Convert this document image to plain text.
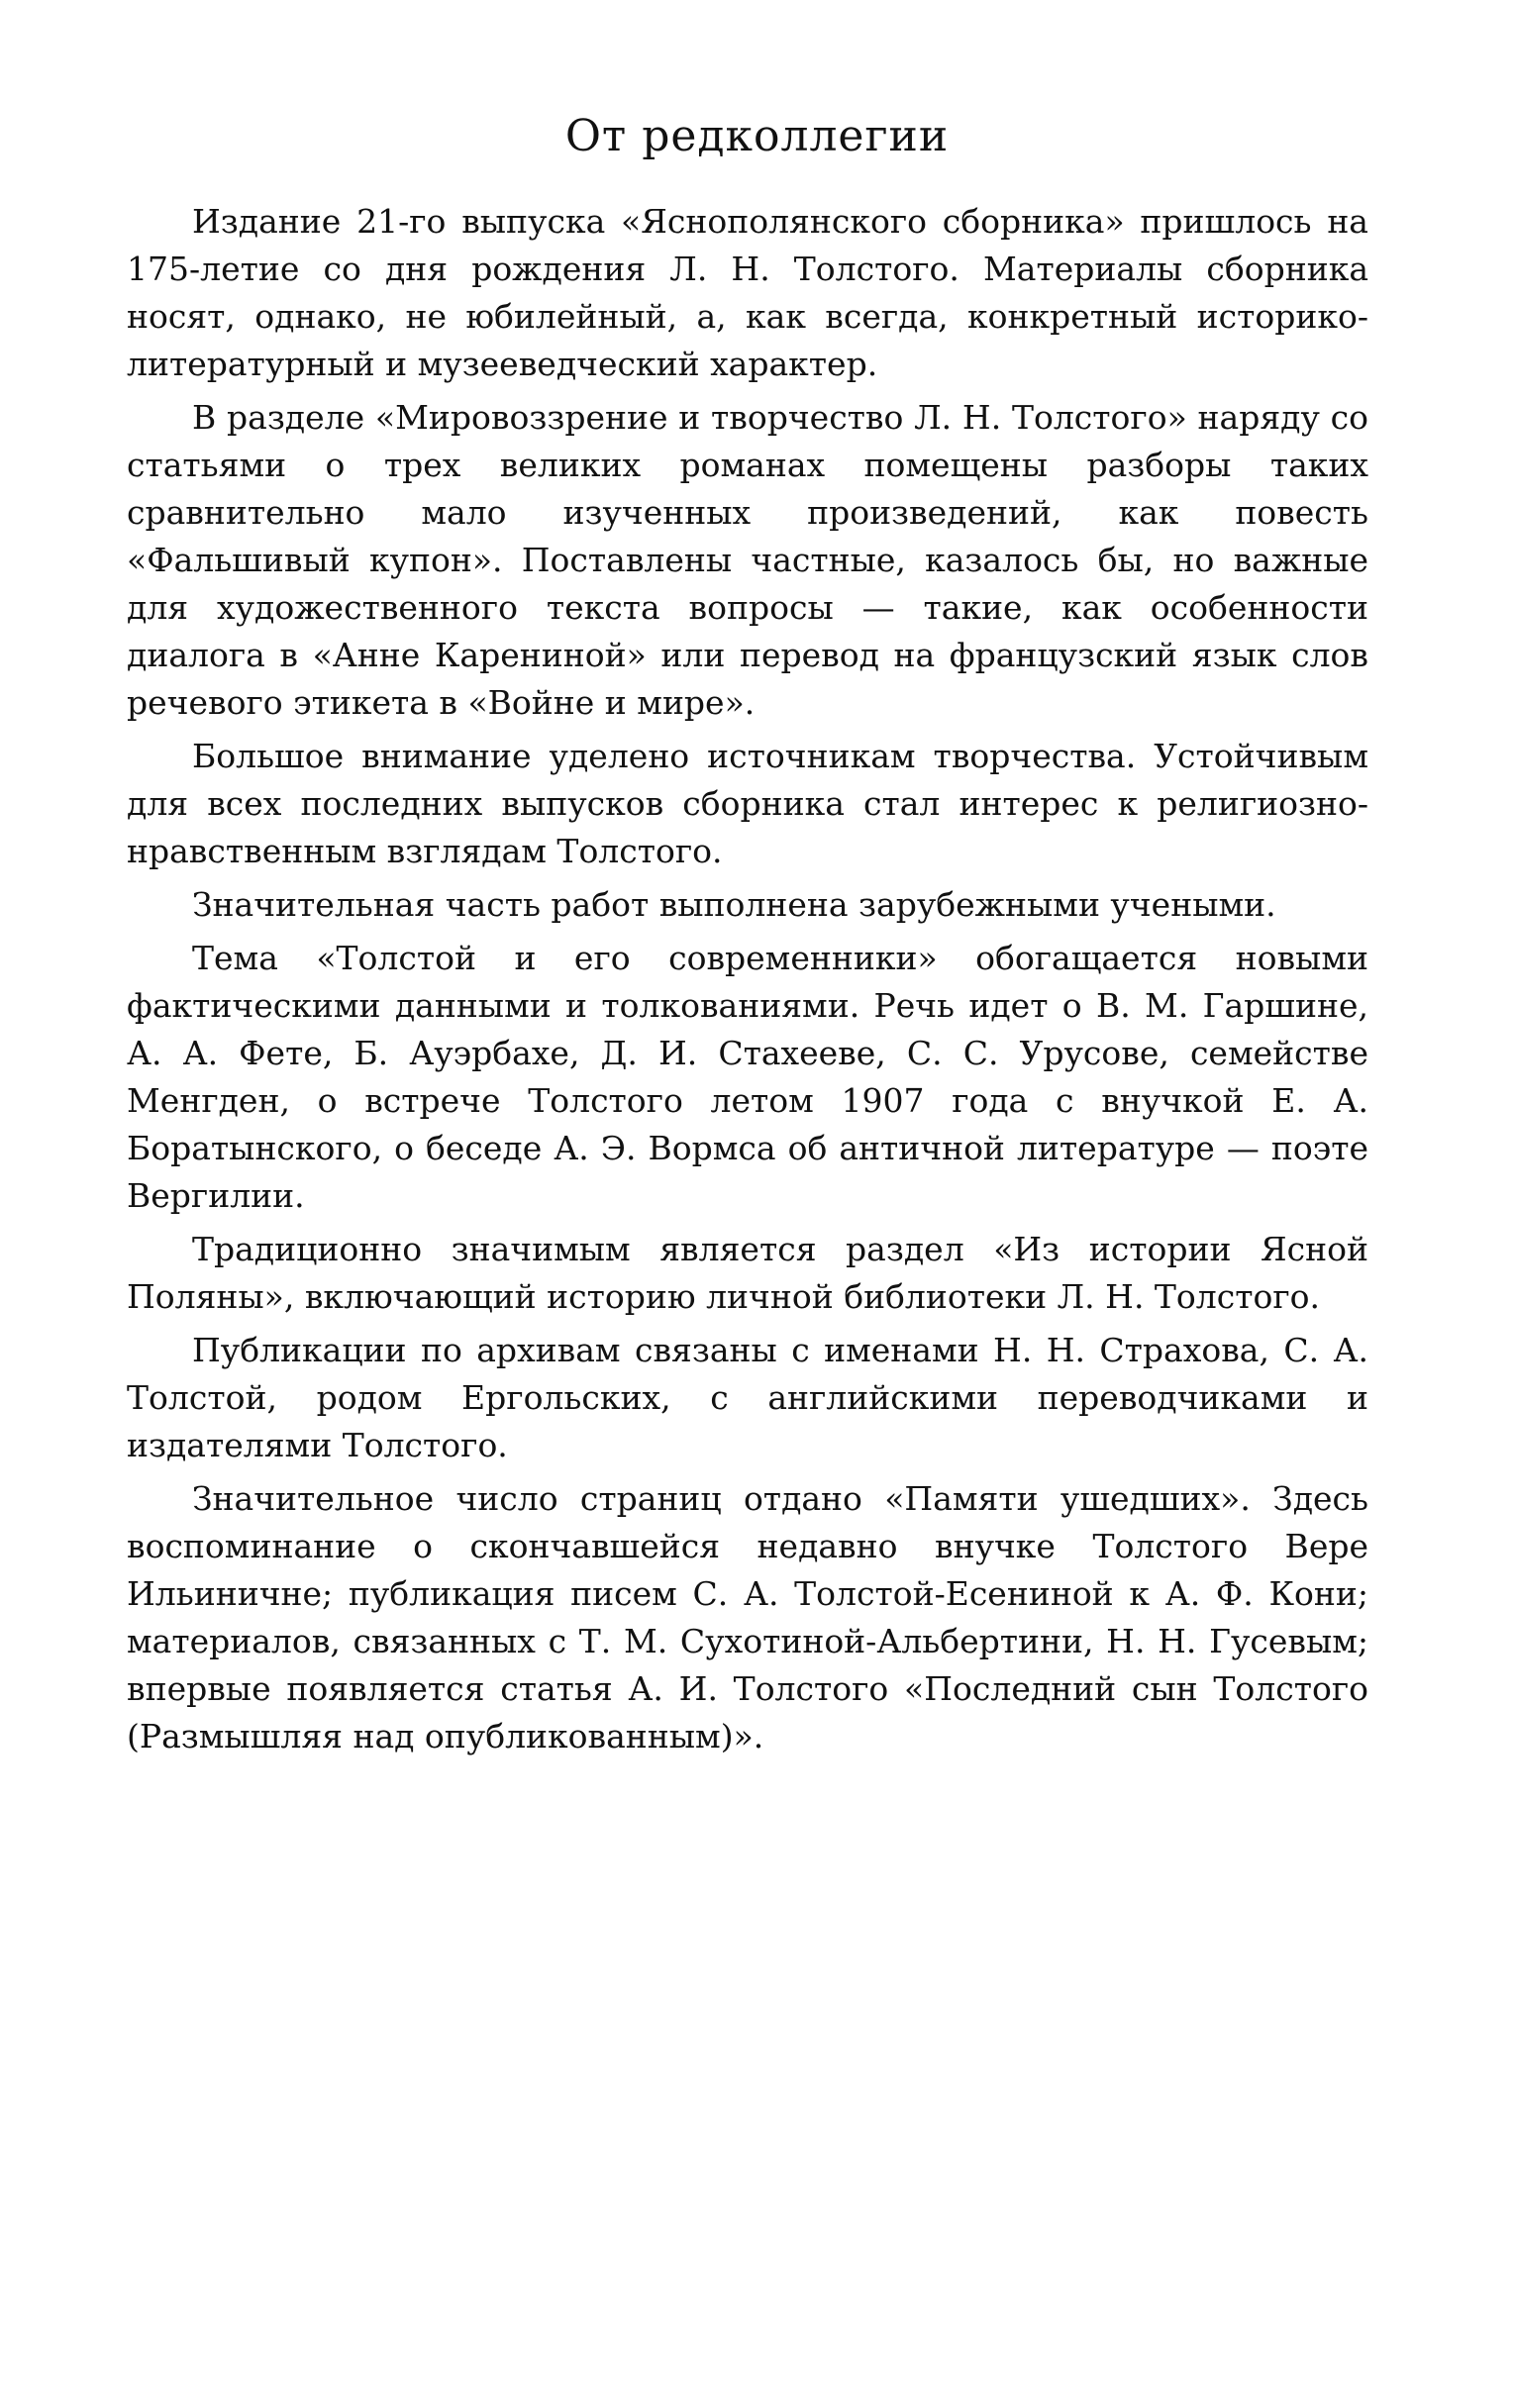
От редколлегии

Издание 21-го выпуска «Яснополянского сборника» пришлось на 175-летие со дня рождения Л. Н. Толстого. Материалы сборника носят, однако, не юбилейный, а, как всегда, конкретный историко-литературный и музееведческий характер.

В разделе «Мировоззрение и творчество Л. Н. Толстого» наряду со статьями о трех великих романах помещены разборы таких сравнительно мало изученных произведений, как повесть «Фальшивый купон». Поставлены частные, казалось бы, но важные для художественного текста вопросы — такие, как особенности диалога в «Анне Карениной» или перевод на французский язык слов речевого этикета в «Войне и мире».

Большое внимание уделено источникам творчества. Устойчивым для всех последних выпусков сборника стал интерес к религиозно-нравственным взглядам Толстого.

Значительная часть работ выполнена зарубежными учеными.

Тема «Толстой и его современники» обогащается новыми фактическими данными и толкованиями. Речь идет о В. М. Гаршине, А. А. Фете, Б. Ауэрбахе, Д. И. Стахееве, С. С. Урусове, семействе Менгден, о встрече Толстого летом 1907 года с внучкой Е. А. Боратынского, о беседе А. Э. Вормса об античной литературе — поэте Вергилии.

Традиционно значимым является раздел «Из истории Ясной Поляны», включающий историю личной библиотеки Л. Н. Толстого.

Публикации по архивам связаны с именами Н. Н. Страхова, С. А. Толстой, родом Ергольских, с английскими переводчиками и издателями Толстого.

Значительное число страниц отдано «Памяти ушедших». Здесь воспоминание о скончавшейся недавно внучке Толстого Вере Ильиничне; публикация писем С. А. Толстой-Есениной к А. Ф. Кони; материалов, связанных с Т. М. Сухотиной-Альбертини, Н. Н. Гусевым; впервые появляется статья А. И. Толстого «Последний сын Толстого (Размышляя над опубликованным)».
